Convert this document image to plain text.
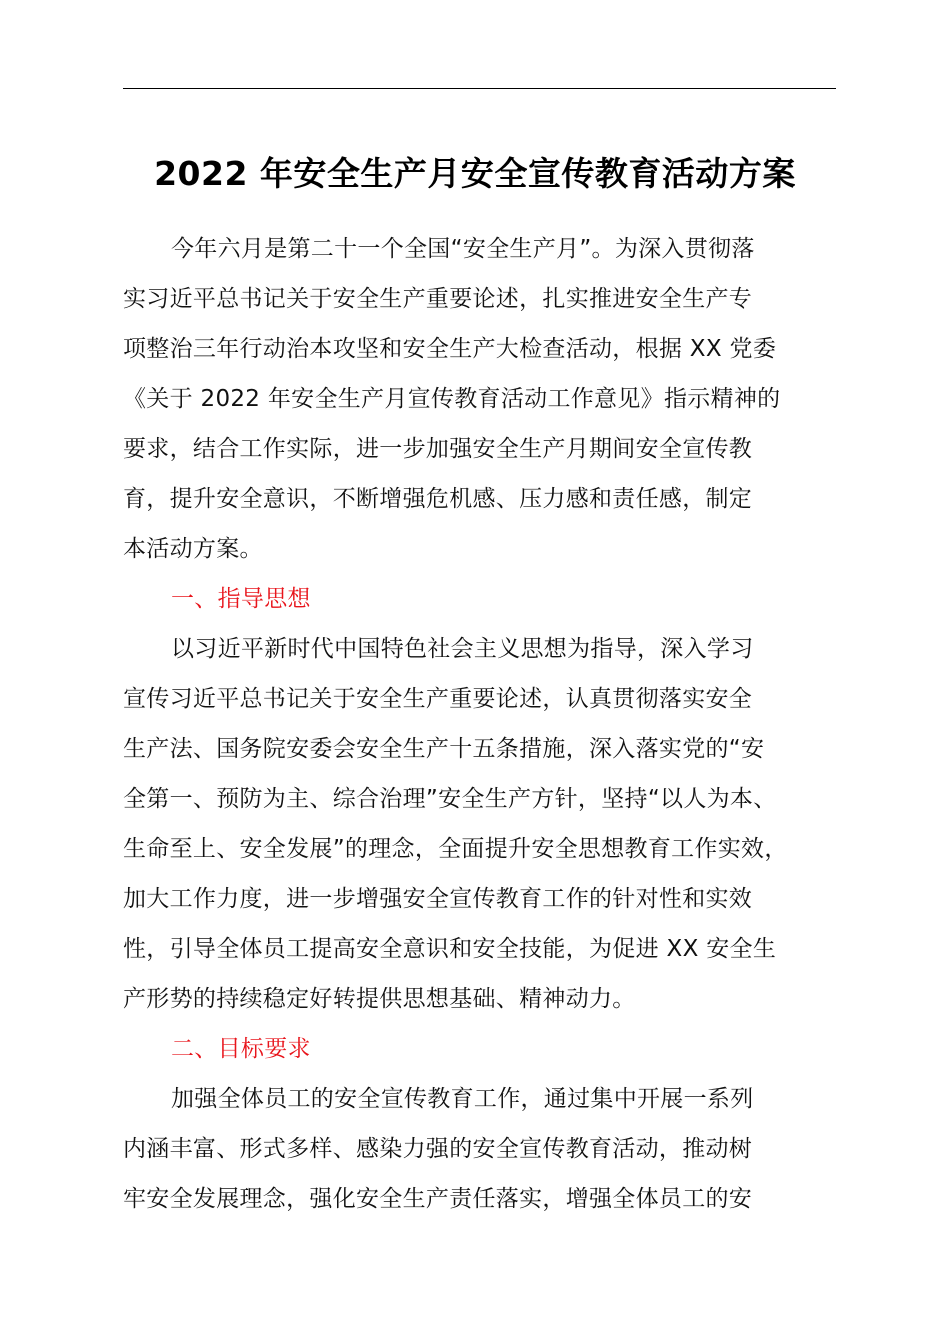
2022 年安全生产月安全宣传教育活动方案
今年六月是第二十一个全国“安全生产月”。为深入贯彻落
实习近平总书记关于安全生产重要论述，扎实推进安全生产专
项整治三年行动治本攻坚和安全生产大检查活动，根据 XX 党委
《关于 2022 年安全生产月宣传教育活动工作意见》指示精神的
要求，结合工作实际，进一步加强安全生产月期间安全宣传教
育，提升安全意识，不断增强危机感、压力感和责任感，制定
本活动方案。
一、指导思想
以习近平新时代中国特色社会主义思想为指导，深入学习
宣传习近平总书记关于安全生产重要论述，认真贯彻落实安全
生产法、国务院安委会安全生产十五条措施，深入落实党的“安
全第一、预防为主、综合治理”安全生产方针，坚持“以人为本、
生命至上、安全发展”的理念，全面提升安全思想教育工作实效，
加大工作力度，进一步增强安全宣传教育工作的针对性和实效
性，引导全体员工提高安全意识和安全技能，为促进 XX 安全生
产形势的持续稳定好转提供思想基础、精神动力。
二、目标要求
加强全体员工的安全宣传教育工作，通过集中开展一系列
内涵丰富、形式多样、感染力强的安全宣传教育活动，推动树
牢安全发展理念，强化安全生产责任落实，增强全体员工的安
